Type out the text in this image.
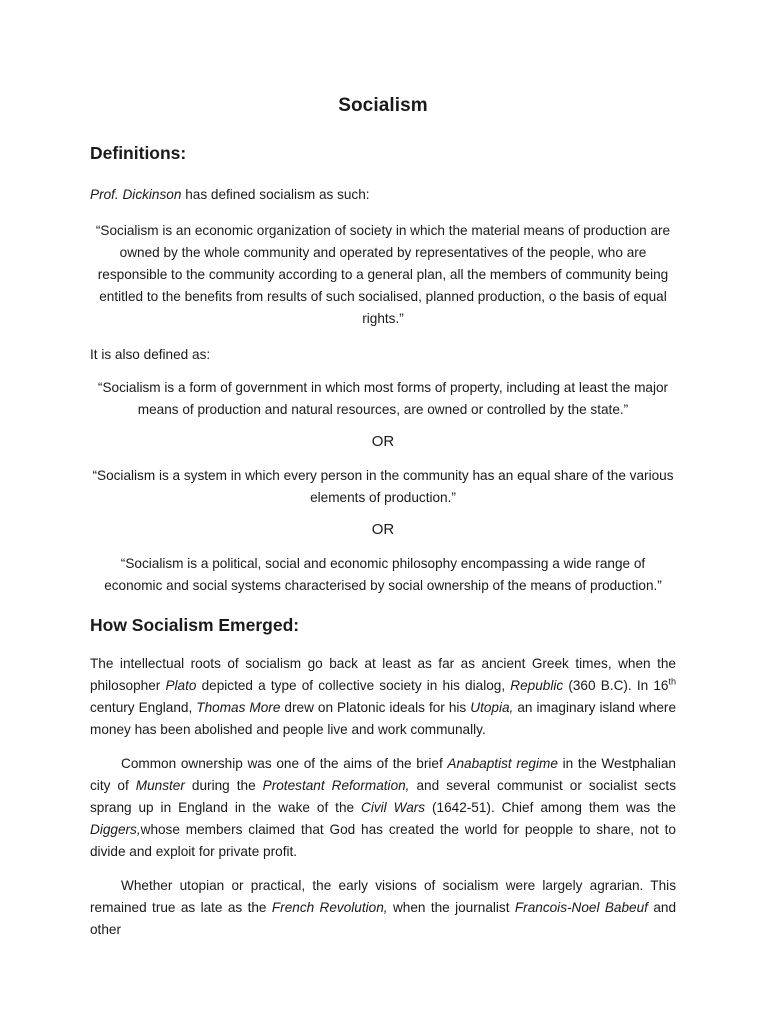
Socialism
Definitions:

Prof. Dickinson has defined socialism as such:

“Socialism is an economic organization of society in which the material means of production are owned by the whole community and operated by representatives of the people, who are responsible to the community according to a general plan, all the members of community being entitled to the benefits from results of such socialised, planned production, o the basis of equal rights.”

It is also defined as:

“Socialism is a form of government in which most forms of property, including at least the major means of production and natural resources, are owned or controlled by the state.”

OR

“Socialism is a system in which every person in the community has an equal share of the various elements of production.”

OR

“Socialism is a political, social and economic philosophy encompassing a wide range of economic and social systems characterised by social ownership of the means of production.”

How Socialism Emerged:

The intellectual roots of socialism go back at least as far as ancient Greek times, when the philosopher Plato depicted a type of collective society in his dialog, Republic (360 B.C). In 16th century England, Thomas More drew on Platonic ideals for his Utopia, an imaginary island where money has been abolished and people live and work communally.

Common ownership was one of the aims of the brief Anabaptist regime in the Westphalian city of Munster during the Protestant Reformation, and several communist or socialist sects sprang up in England in the wake of the Civil Wars (1642-51). Chief among them was the Diggers,whose members claimed that God has created the world for peopple to share, not to divide and exploit for private profit.

Whether utopian or practical, the early visions of socialism were largely agrarian. This remained true as late as the French Revolution, when the journalist Francois-Noel Babeuf and other
